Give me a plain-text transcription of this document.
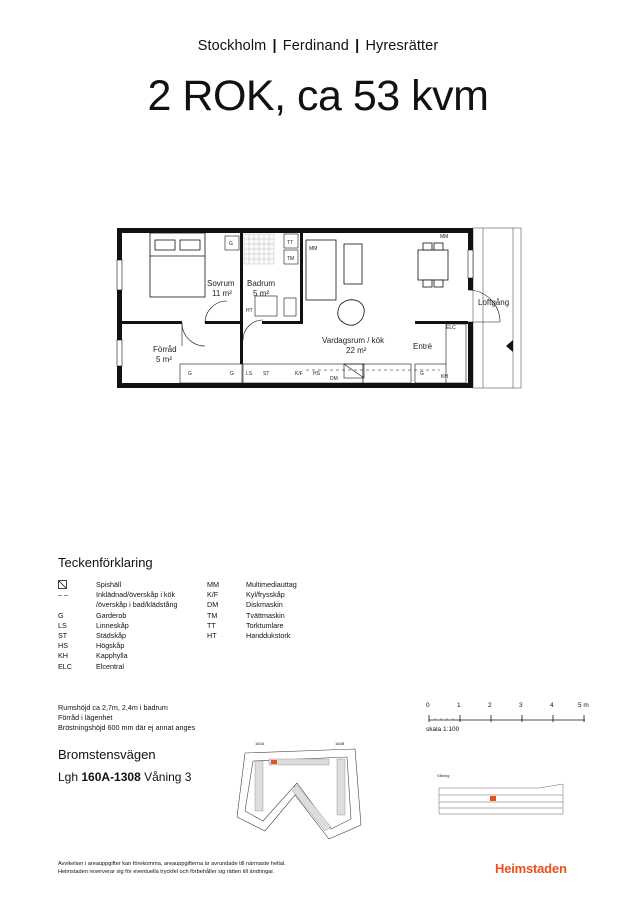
Stockholm | Ferdinand | Hyresrätter
2 ROK, ca 53 kvm
Sovrum
11 m²
Badrum
5 m²
Förråd
5 m²
Vardagsrum / kök
22 m²	Entré
Loftgång
G	TT
TM
MM
MM
HT
ELC
KH
G	G LS ST	K/F HS
DM
G
Teckenförklaring
Spishäll
– –	Inklädnad/överskåp i kök
/överskåp i bad/klädstång
G	Garderob
LS	Linneskåp
ST	Städskåp
HS	Högskåp
KH	Kapphylla
ELC	Elcentral
MM	Multimediauttag
K/F	Kyl/frysskåp
DM	Diskmaskin
TM	Tvättmaskin
TT	Torktumlare
HT	Handdukstork
Rumshöjd ca 2,7m, 2,4m i badrum
Förråd i lägenhet
Bröstningshöjd 600 mm där ej annat anges
Bromstensvägen
Lgh 160A-1308 Våning 3
0	1	2	3	4	5 m
skala 1:100
160A	160B
Våning
Avvikelser i areauppgifter kan förekomma, areauppgifterna är avrundade till närmaste heltal.
Heimstaden reserverar sig för eventuella tryckfel och förbehåller sig rätten till ändringar.	Heimstaden
